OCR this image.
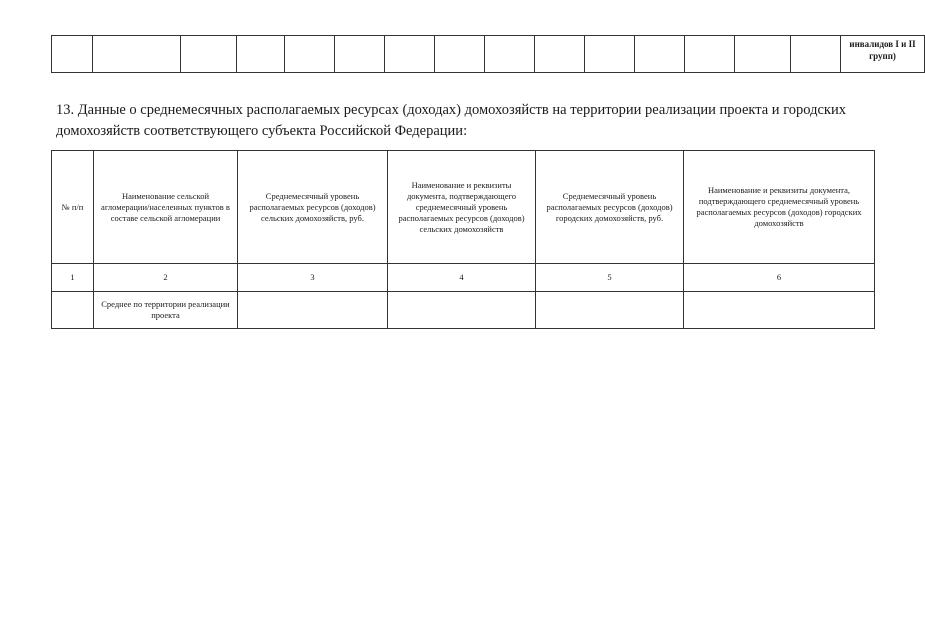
															инвалидов I и II групп)
13. Данные о среднемесячных располагаемых ресурсах (доходах) домохозяйств на территории реализации проекта и городских домохозяйств соответствующего субъекта Российской Федерации:
№ п/п	Наименование сельской агломерации/населенных пунктов в составе сельской агломерации	Среднемесячный уровень располагаемых ресурсов (доходов) сельских домохозяйств, руб.	Наименование и реквизиты документа, подтверждающего среднемесячный уровень располагаемых ресурсов (доходов) сельских домохозяйств	Среднемесячный уровень располагаемых ресурсов (доходов) городских домохозяйств, руб.	Наименование и реквизиты документа, подтверждающего среднемесячный уровень располагаемых ресурсов (доходов) городских домохозяйств
1	2	3	4	5	6
	Среднее по территории реализации проекта				
